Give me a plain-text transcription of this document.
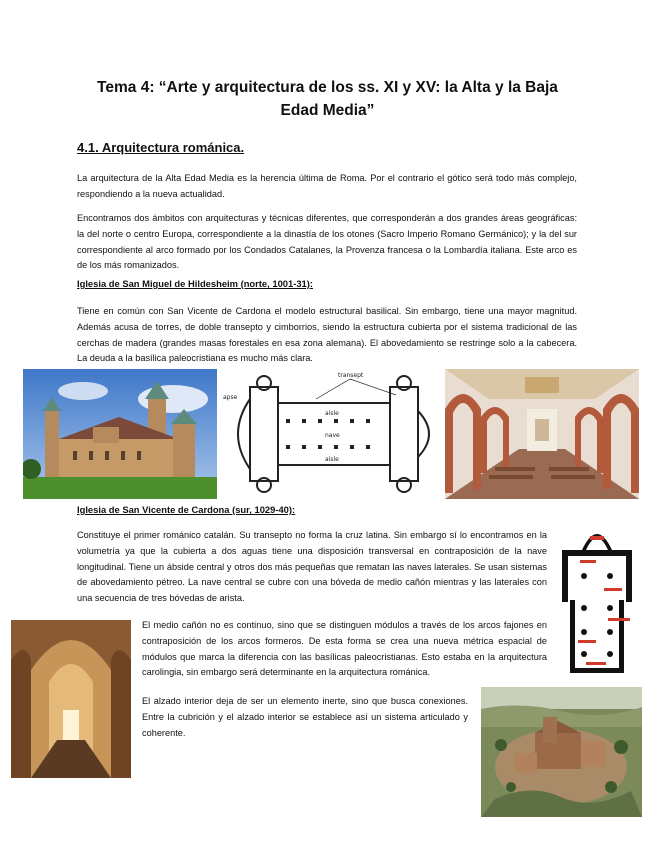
Tema 4: “Arte y arquitectura de los ss. XI y XV: la Alta y la Baja Edad Media”
4.1. Arquitectura románica.
La arquitectura de la Alta Edad Media es la herencia última de Roma. Por el contrario el gótico será todo más complejo, respondiendo a la nueva actualidad.
Encontramos dos ámbitos con arquitecturas y técnicas diferentes, que corresponderán a dos grandes áreas geográficas: la del norte o centro Europa, correspondiente a la dinastía de los otones (Sacro Imperio Romano Germánico); y la del sur correspondiente al arco formado por los Condados Catalanes, la Provenza francesa o la Lombardía italiana. Este arco es de los más romanizados.
Iglesia de San Miguel de Hildesheim (norte, 1001-31):
Tiene en común con San Vicente de Cardona el modelo estructural basilical. Sin embargo, tiene una mayor magnitud. Además acusa de torres, de doble transepto y cimborrios, siendo la estructura cubierta por el sistema tradicional de las cerchas de madera (grandes masas forestales en esa zona alemana). El abovedamiento se restringe solo a la cabecera. La deuda a la basílica paleocristiana es mucho más clara.
transept
apse
aisle
nave
aisle
Iglesia de San Vicente de Cardona (sur, 1029-40):
Constituye el primer románico catalán. Su transepto no forma la cruz latina. Sin embargo sí lo encontramos en la volumetría ya que la cubierta a dos aguas tiene una disposición transversal en contraposición de la nave longitudinal. Tiene un ábside central y otros dos más pequeñas que rematan las naves laterales. Se usan sistemas de abovedamiento pétreo. La nave central se cubre con una bóveda de medio cañón mientras y las laterales con una secuencia de tres bóvedas de arista.
El medio cañón no es continuo, sino que se distinguen módulos a través de los arcos fajones en contraposición de los arcos formeros. De esta forma se crea una nueva métrica espacial de módulos que marca la diferencia con las basílicas paleocristianas. Esto estaba en la arquitectura carolingia, sin embargo será determinante en la arquitectura románica.
El alzado interior deja de ser un elemento inerte, sino que busca conexiones. Entre la cubrición y el alzado interior se establece así un sistema articulado y coherente.
